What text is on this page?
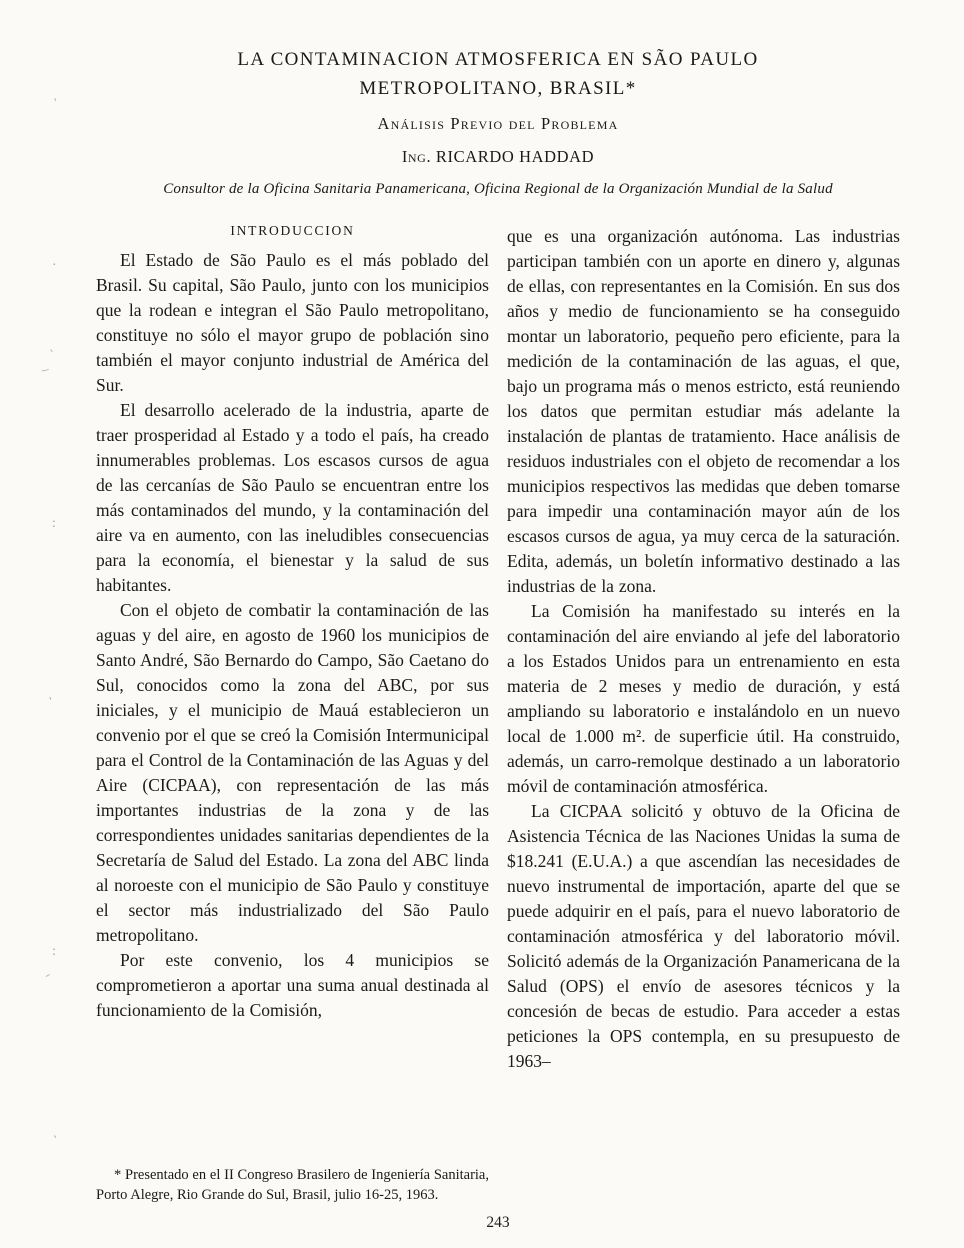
ˎ
·
ˏ
‾
:
ˏ
:
ˉ
ˏ
LA CONTAMINACION ATMOSFERICA EN SÃO PAULO
METROPOLITANO, BRASIL*
Análisis Previo del Problema
Ing. RICARDO HADDAD
Consultor de la Oficina Sanitaria Panamericana, Oficina Regional de la Organización Mundial de la Salud
INTRODUCCION

El Estado de São Paulo es el más poblado del Brasil. Su capital, São Paulo, junto con los municipios que la rodean e integran el São Paulo metropolitano, constituye no sólo el mayor grupo de población sino también el mayor conjunto industrial de América del Sur.

El desarrollo acelerado de la industria, aparte de traer prosperidad al Estado y a todo el país, ha creado innumerables problemas. Los escasos cursos de agua de las cercanías de São Paulo se encuentran entre los más contaminados del mundo, y la contaminación del aire va en aumento, con las ineludibles consecuencias para la economía, el bienestar y la salud de sus habitantes.

Con el objeto de combatir la contaminación de las aguas y del aire, en agosto de 1960 los municipios de Santo André, São Bernardo do Campo, São Caetano do Sul, conocidos como la zona del ABC, por sus iniciales, y el municipio de Mauá establecieron un convenio por el que se creó la Comisión Intermunicipal para el Control de la Contaminación de las Aguas y del Aire (CICPAA), con representación de las más importantes industrias de la zona y de las correspondientes unidades sanitarias dependientes de la Secretaría de Salud del Estado. La zona del ABC linda al noroeste con el municipio de São Paulo y constituye el sector más industrializado del São Paulo metropolitano.

Por este convenio, los 4 municipios se comprometieron a aportar una suma anual destinada al funcionamiento de la Comisión,

* Presentado en el II Congreso Brasilero de Ingeniería Sanitaria, Porto Alegre, Rio Grande do Sul, Brasil, julio 16-25, 1963.

que es una organización autónoma. Las industrias participan también con un aporte en dinero y, algunas de ellas, con representantes en la Comisión. En sus dos años y medio de funcionamiento se ha conseguido montar un laboratorio, pequeño pero eficiente, para la medición de la contaminación de las aguas, el que, bajo un programa más o menos estricto, está reuniendo los datos que permitan estudiar más adelante la instalación de plantas de tratamiento. Hace análisis de residuos industriales con el objeto de recomendar a los municipios respectivos las medidas que deben tomarse para impedir una contaminación mayor aún de los escasos cursos de agua, ya muy cerca de la saturación. Edita, además, un boletín informativo destinado a las industrias de la zona.

La Comisión ha manifestado su interés en la contaminación del aire enviando al jefe del laboratorio a los Estados Unidos para un entrenamiento en esta materia de 2 meses y medio de duración, y está ampliando su laboratorio e instalándolo en un nuevo local de 1.000 m². de superficie útil. Ha construido, además, un carro-remolque destinado a un laboratorio móvil de contaminación atmosférica.

La CICPAA solicitó y obtuvo de la Oficina de Asistencia Técnica de las Naciones Unidas la suma de $18.241 (E.U.A.) a que ascendían las necesidades de nuevo instrumental de importación, aparte del que se puede adquirir en el país, para el nuevo laboratorio de contaminación atmosférica y del laboratorio móvil. Solicitó además de la Organización Panamericana de la Salud (OPS) el envío de asesores técnicos y la concesión de becas de estudio. Para acceder a estas peticiones la OPS contempla, en su presupuesto de 1963–

243
